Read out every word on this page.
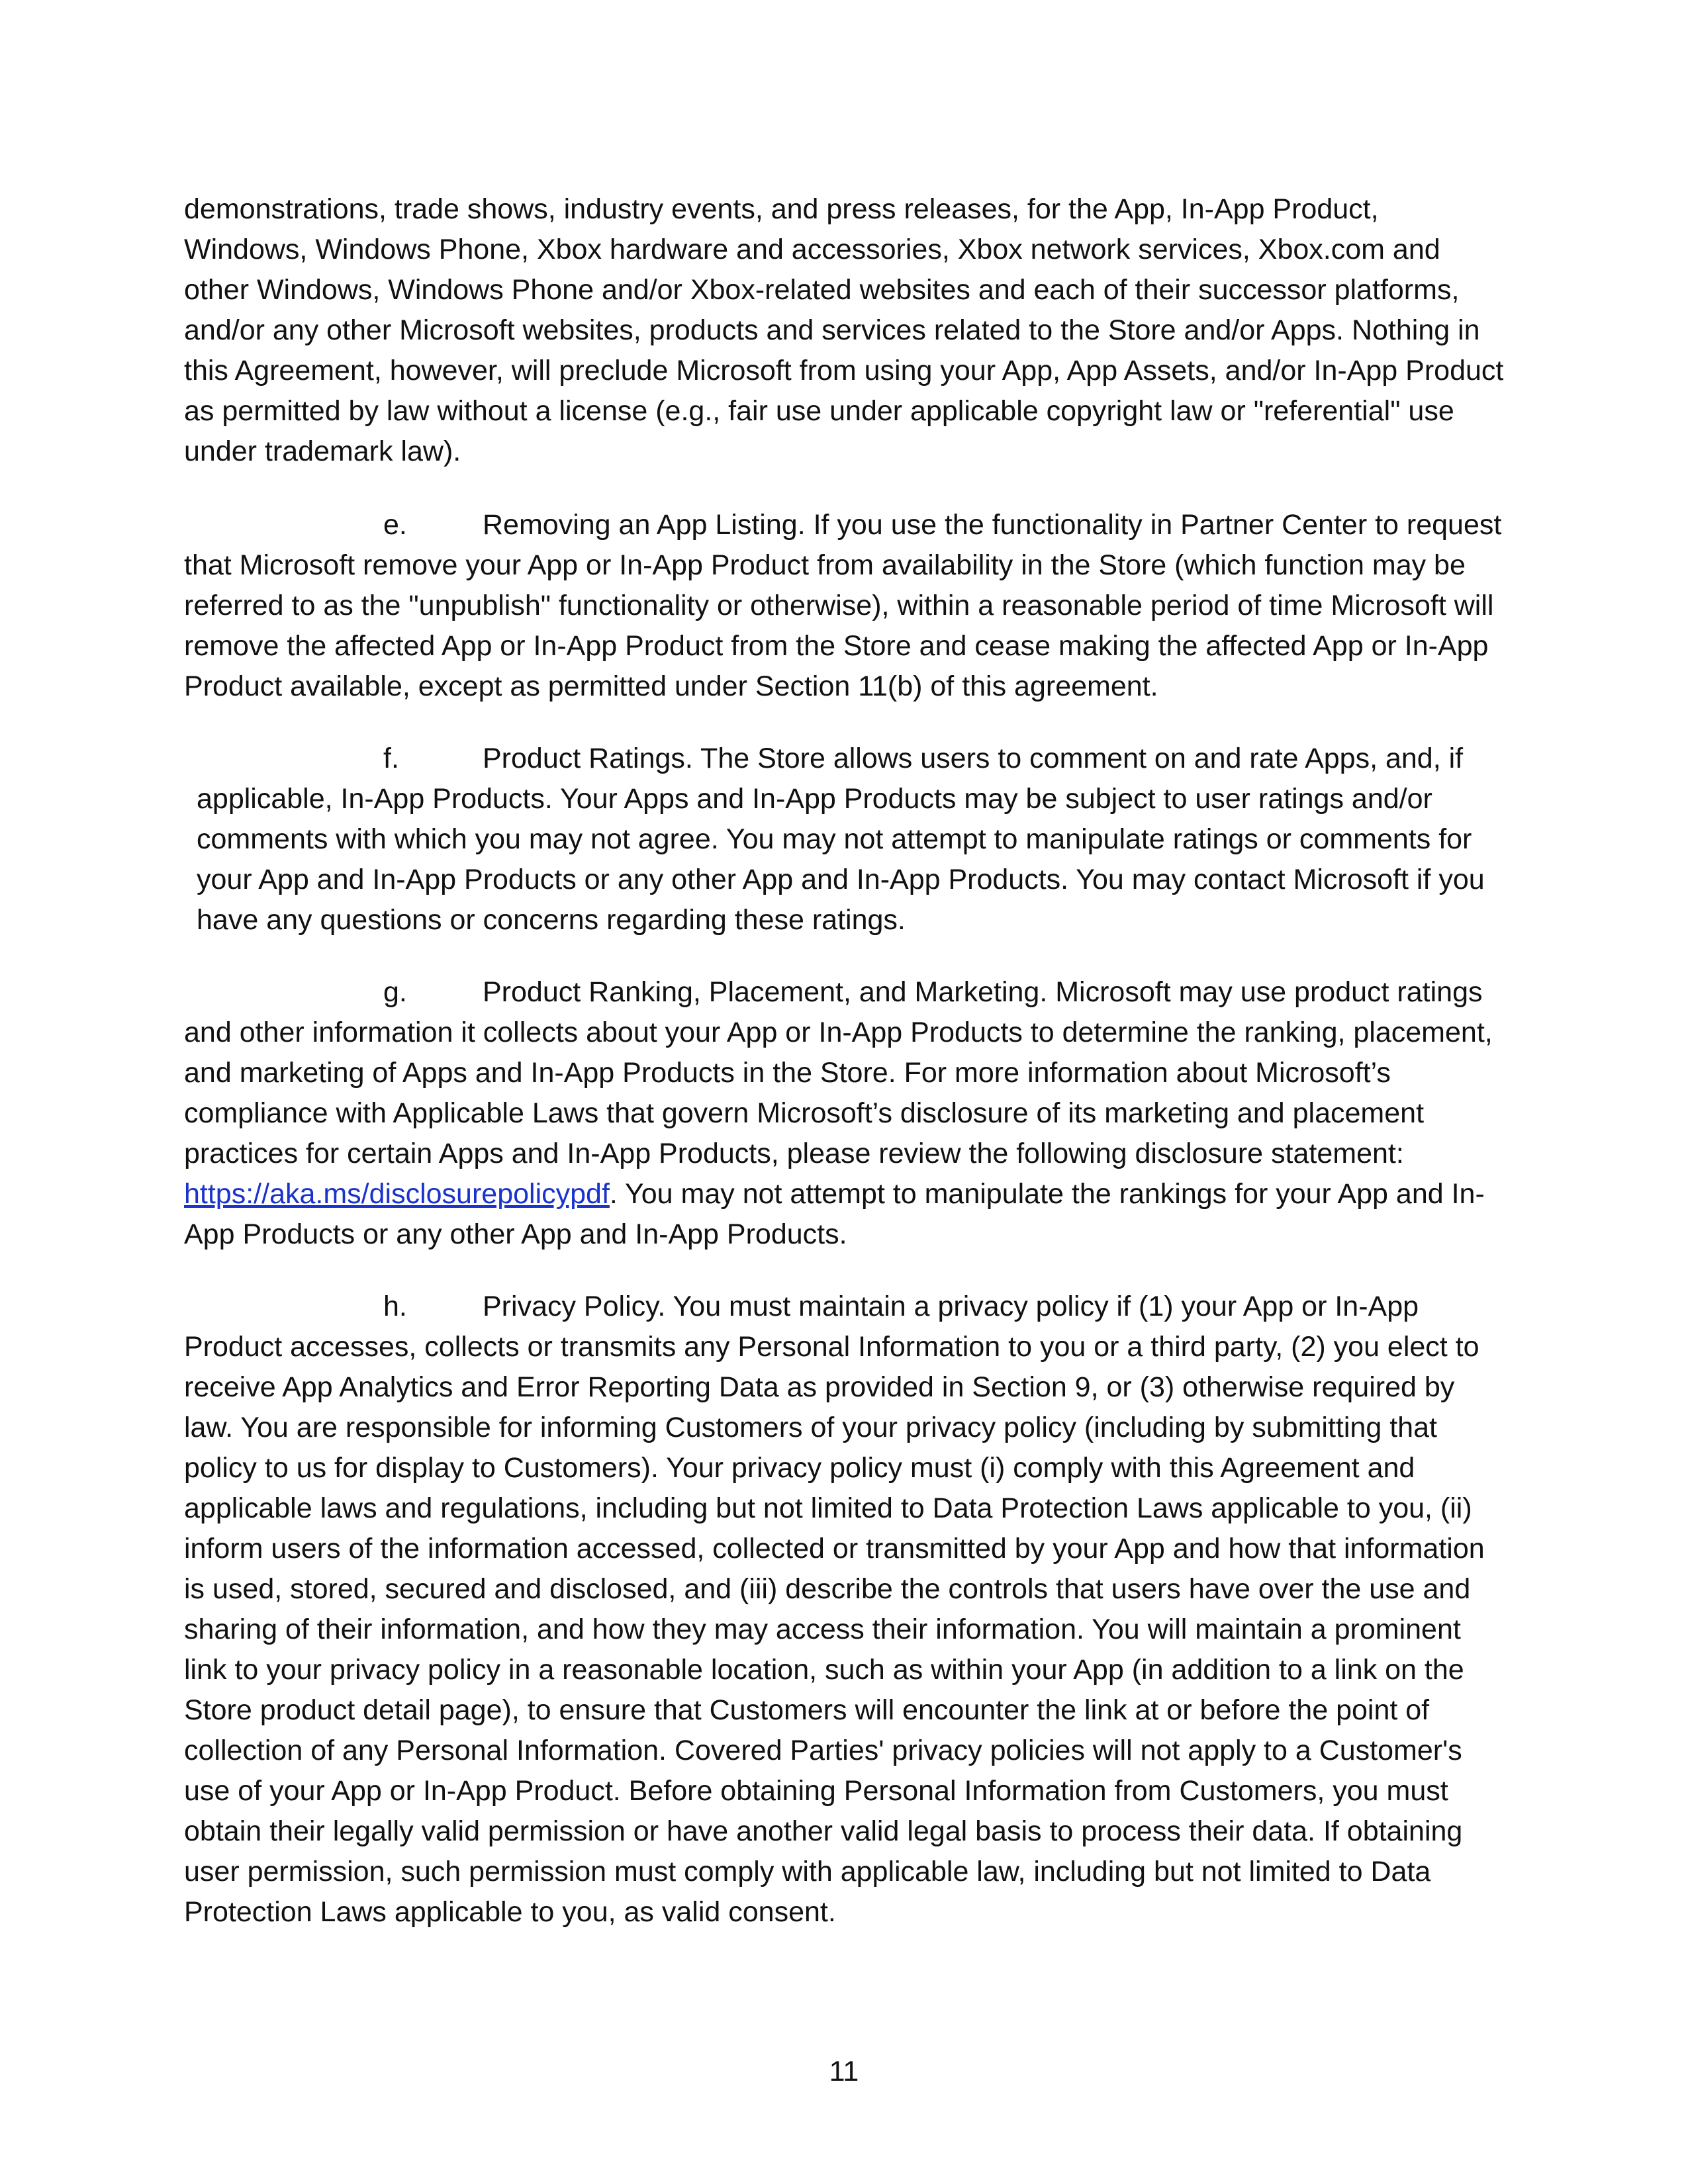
demonstrations, trade shows, industry events, and press releases, for the App, In-App Product, Windows, Windows Phone, Xbox hardware and accessories, Xbox network services, Xbox.com and other Windows, Windows Phone and/or Xbox-related websites and each of their successor platforms, and/or any other Microsoft websites, products and services related to the Store and/or Apps. Nothing in this Agreement, however, will preclude Microsoft from using your App, App Assets, and/or In-App Product as permitted by law without a license (e.g., fair use under applicable copyright law or "referential" use under trademark law).

e.	Removing an App Listing. If you use the functionality in Partner Center to request that Microsoft remove your App or In-App Product from availability in the Store (which function may be referred to as the "unpublish" functionality or otherwise), within a reasonable period of time Microsoft will remove the affected App or In-App Product from the Store and cease making the affected App or In-App Product available, except as permitted under Section 11(b) of this agreement.

f.	Product Ratings. The Store allows users to comment on and rate Apps, and, if applicable, In-App Products. Your Apps and In-App Products may be subject to user ratings and/or comments with which you may not agree. You may not attempt to manipulate ratings or comments for your App and In-App Products or any other App and In-App Products. You may contact Microsoft if you have any questions or concerns regarding these ratings.

g.	Product Ranking, Placement, and Marketing. Microsoft may use product ratings and other information it collects about your App or In-App Products to determine the ranking, placement, and marketing of Apps and In-App Products in the Store. For more information about Microsoft’s compliance with Applicable Laws that govern Microsoft’s disclosure of its marketing and placement practices for certain Apps and In-App Products, please review the following disclosure statement: https://aka.ms/disclosurepolicypdf. You may not attempt to manipulate the rankings for your App and In-App Products or any other App and In-App Products.

h.	Privacy Policy. You must maintain a privacy policy if (1) your App or In-App Product accesses, collects or transmits any Personal Information to you or a third party, (2) you elect to receive App Analytics and Error Reporting Data as provided in Section 9, or (3) otherwise required by law. You are responsible for informing Customers of your privacy policy (including by submitting that policy to us for display to Customers). Your privacy policy must (i) comply with this Agreement and applicable laws and regulations, including but not limited to Data Protection Laws applicable to you, (ii) inform users of the information accessed, collected or transmitted by your App and how that information is used, stored, secured and disclosed, and (iii) describe the controls that users have over the use and sharing of their information, and how they may access their information. You will maintain a prominent link to your privacy policy in a reasonable location, such as within your App (in addition to a link on the Store product detail page), to ensure that Customers will encounter the link at or before the point of collection of any Personal Information. Covered Parties' privacy policies will not apply to a Customer's use of your App or In-App Product. Before obtaining Personal Information from Customers, you must obtain their legally valid permission or have another valid legal basis to process their data. If obtaining user permission, such permission must comply with applicable law, including but not limited to Data Protection Laws applicable to you, as valid consent.

11
